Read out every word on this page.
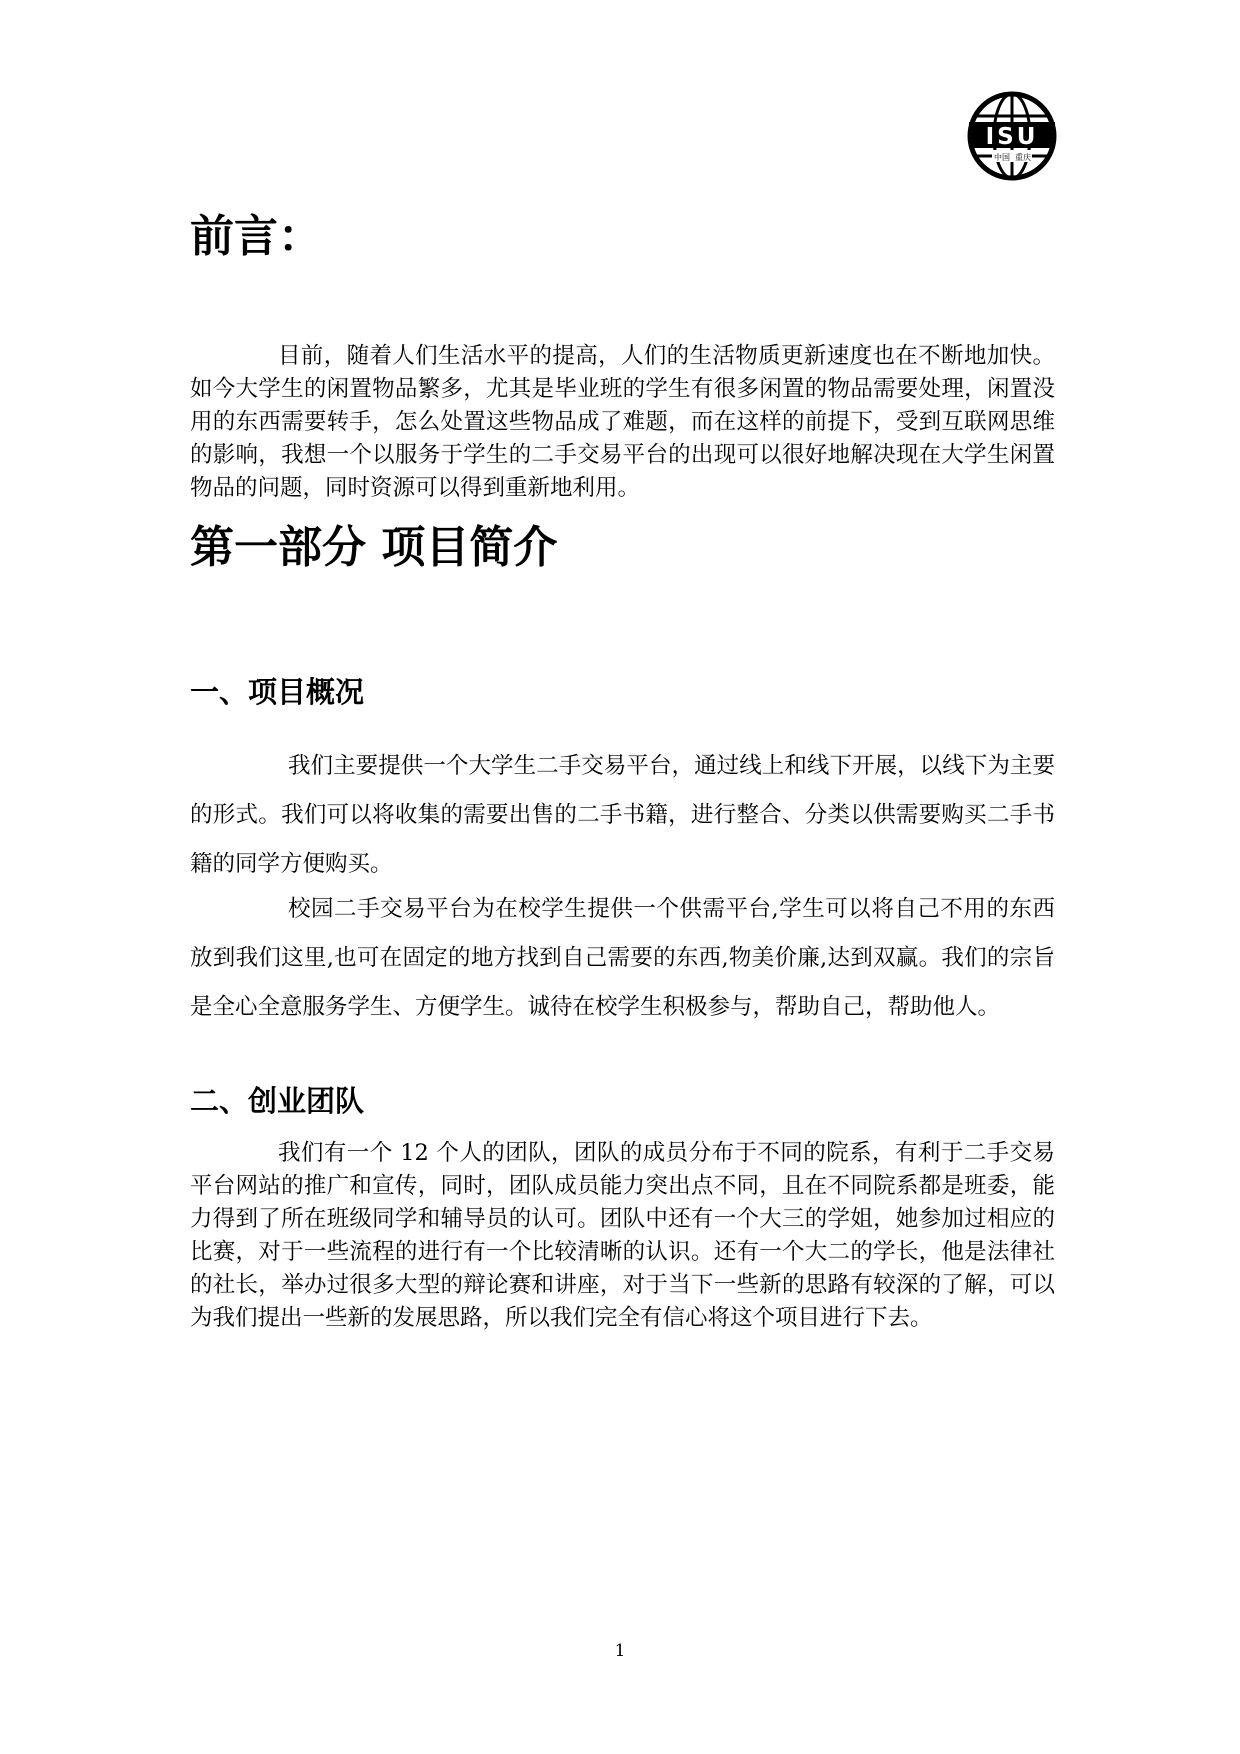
ISU
中国 重庆
前言：

目前，随着人们生活水平的提高，人们的生活物质更新速度也在不断地加快。如今大学生的闲置物品繁多，尤其是毕业班的学生有很多闲置的物品需要处理，闲置没用的东西需要转手，怎么处置这些物品成了难题，而在这样的前提下，受到互联网思维的影响，我想一个以服务于学生的二手交易平台的出现可以很好地解决现在大学生闲置物品的问题，同时资源可以得到重新地利用。

第一部分 项目简介
一、项目概况

我们主要提供一个大学生二手交易平台，通过线上和线下开展，以线下为主要的形式。我们可以将收集的需要出售的二手书籍，进行整合、分类以供需要购买二手书籍的同学方便购买。

校园二手交易平台为在校学生提供一个供需平台,学生可以将自己不用的东西放到我们这里,也可在固定的地方找到自己需要的东西,物美价廉,达到双赢。我们的宗旨是全心全意服务学生、方便学生。诚待在校学生积极参与，帮助自己，帮助他人。

二、创业团队

我们有一个 12 个人的团队，团队的成员分布于不同的院系，有利于二手交易平台网站的推广和宣传，同时，团队成员能力突出点不同，且在不同院系都是班委，能力得到了所在班级同学和辅导员的认可。团队中还有一个大三的学姐，她参加过相应的比赛，对于一些流程的进行有一个比较清晰的认识。还有一个大二的学长，他是法律社的社长，举办过很多大型的辩论赛和讲座，对于当下一些新的思路有较深的了解，可以为我们提出一些新的发展思路，所以我们完全有信心将这个项目进行下去。

1
